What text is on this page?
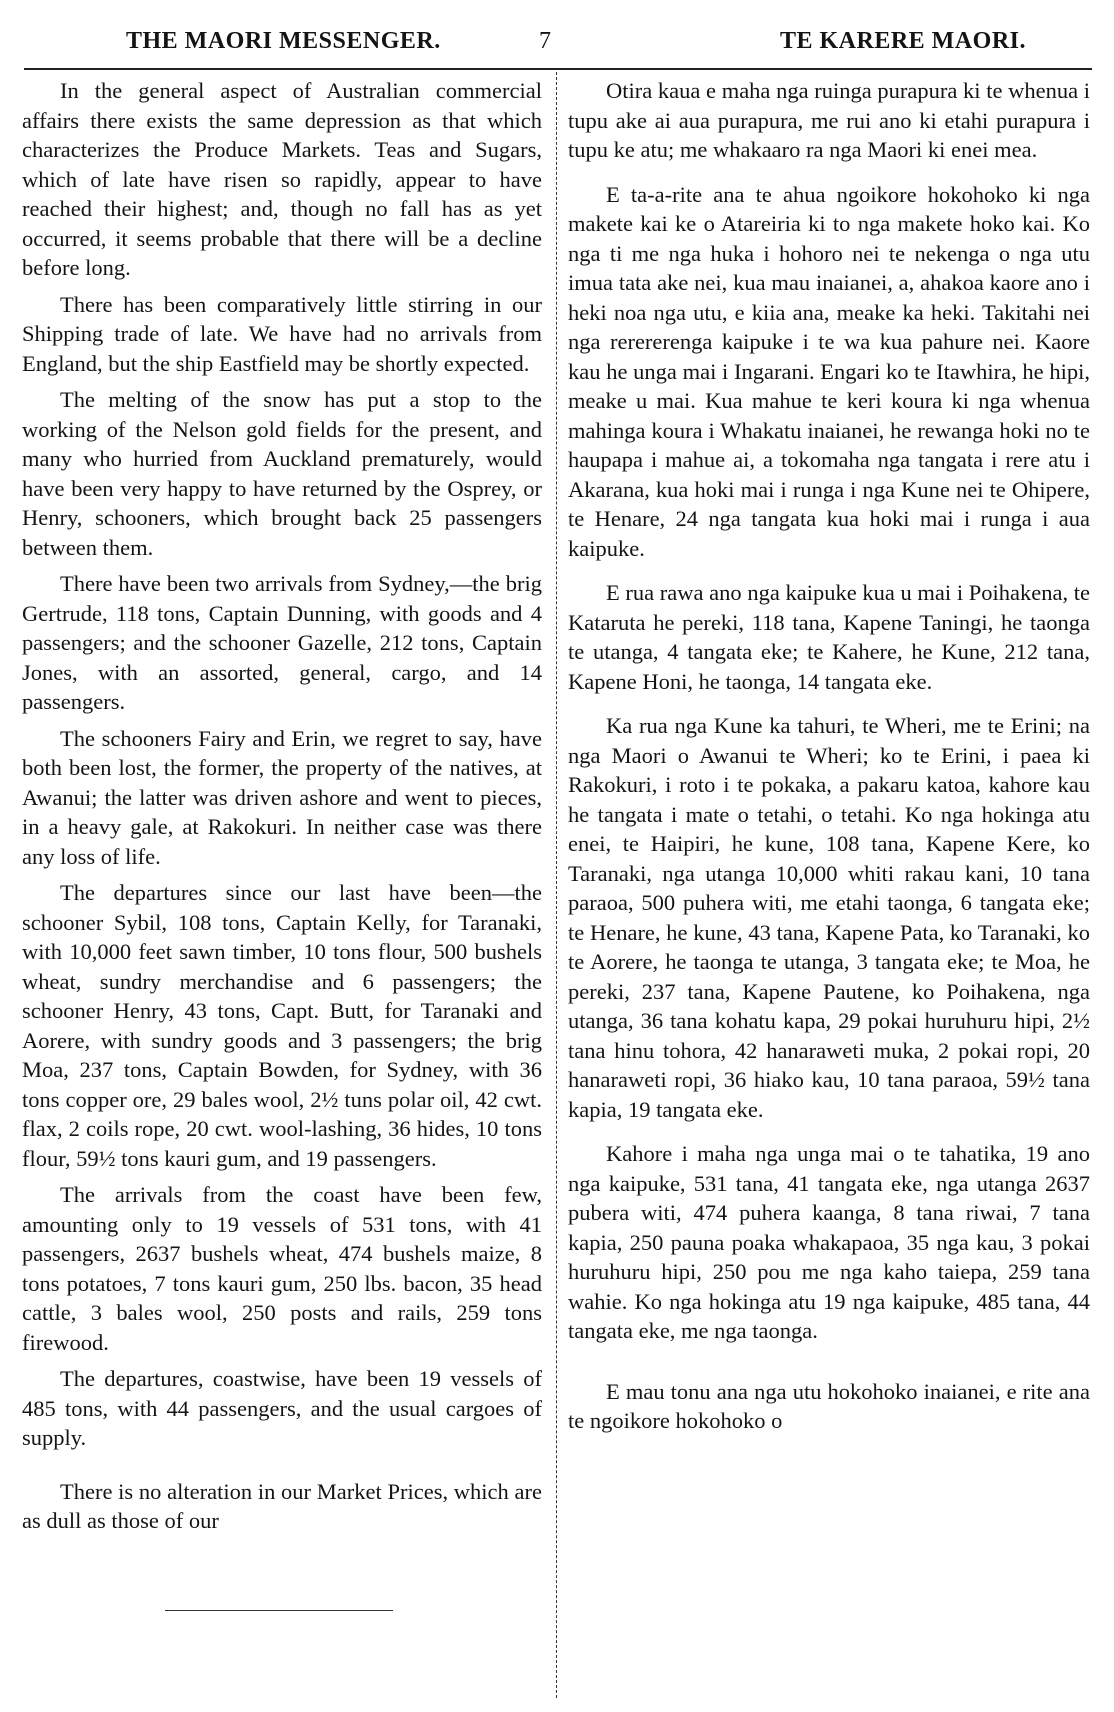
THE MAORI MESSENGER.	7	TE KARERE MAORI.

In the general aspect of Australian commercial affairs there exists the same depression as that which characterizes the Produce Markets. Teas and Sugars, which of late have risen so rapidly, appear to have reached their highest; and, though no fall has as yet occurred, it seems probable that there will be a decline before long.

There has been comparatively little stirring in our Shipping trade of late. We have had no arrivals from England, but the ship Eastfield may be shortly expected.

The melting of the snow has put a stop to the working of the Nelson gold fields for the present, and many who hurried from Auckland prematurely, would have been very happy to have returned by the Osprey, or Henry, schooners, which brought back 25 passengers between them.

There have been two arrivals from Sydney,—the brig Gertrude, 118 tons, Captain Dunning, with goods and 4 passengers; and the schooner Gazelle, 212 tons, Captain Jones, with an assorted, general, cargo, and 14 passengers.

The schooners Fairy and Erin, we regret to say, have both been lost, the former, the property of the natives, at Awanui; the latter was driven ashore and went to pieces, in a heavy gale, at Rakokuri. In neither case was there any loss of life.

The departures since our last have been—the schooner Sybil, 108 tons, Captain Kelly, for Taranaki, with 10,000 feet sawn timber, 10 tons flour, 500 bushels wheat, sundry merchandise and 6 passengers; the schooner Henry, 43 tons, Capt. Butt, for Taranaki and Aorere, with sundry goods and 3 passengers; the brig Moa, 237 tons, Captain Bowden, for Sydney, with 36 tons copper ore, 29 bales wool, 2½ tuns polar oil, 42 cwt. flax, 2 coils rope, 20 cwt. wool-lashing, 36 hides, 10 tons flour, 59½ tons kauri gum, and 19 passengers.

The arrivals from the coast have been few, amounting only to 19 vessels of 531 tons, with 41 passengers, 2637 bushels wheat, 474 bushels maize, 8 tons potatoes, 7 tons kauri gum, 250 lbs. bacon, 35 head cattle, 3 bales wool, 250 posts and rails, 259 tons firewood.

The departures, coastwise, have been 19 vessels of 485 tons, with 44 passengers, and the usual cargoes of supply.

There is no alteration in our Market Prices, which are as dull as those of our

Otira kaua e maha nga ruinga purapura ki te whenua i tupu ake ai aua purapura, me rui ano ki etahi purapura i tupu ke atu; me whakaaro ra nga Maori ki enei mea.

E ta-a-rite ana te ahua ngoikore hokohoko ki nga makete kai ke o Atareiria ki to nga makete hoko kai. Ko nga ti me nga huka i hohoro nei te nekenga o nga utu imua tata ake nei, kua mau inaianei, a, ahakoa kaore ano i heki noa nga utu, e kiia ana, meake ka heki. Takitahi nei nga rerererenga kaipuke i te wa kua pahure nei. Kaore kau he unga mai i Ingarani. Engari ko te Itawhira, he hipi, meake u mai. Kua mahue te keri koura ki nga whenua mahinga koura i Whakatu inaianei, he rewanga hoki no te haupapa i mahue ai, a tokomaha nga tangata i rere atu i Akarana, kua hoki mai i runga i nga Kune nei te Ohipere, te Henare, 24 nga tangata kua hoki mai i runga i aua kaipuke.

E rua rawa ano nga kaipuke kua u mai i Poihakena, te Kataruta he pereki, 118 tana, Kapene Taningi, he taonga te utanga, 4 tangata eke; te Kahere, he Kune, 212 tana, Kapene Honi, he taonga, 14 tangata eke.

Ka rua nga Kune ka tahuri, te Wheri, me te Erini; na nga Maori o Awanui te Wheri; ko te Erini, i paea ki Rakokuri, i roto i te pokaka, a pakaru katoa, kahore kau he tangata i mate o tetahi, o tetahi. Ko nga hokinga atu enei, te Haipiri, he kune, 108 tana, Kapene Kere, ko Taranaki, nga utanga 10,000 whiti rakau kani, 10 tana paraoa, 500 puhera witi, me etahi taonga, 6 tangata eke; te Henare, he kune, 43 tana, Kapene Pata, ko Taranaki, ko te Aorere, he taonga te utanga, 3 tangata eke; te Moa, he pereki, 237 tana, Kapene Pautene, ko Poihakena, nga utanga, 36 tana kohatu kapa, 29 pokai huruhuru hipi, 2½ tana hinu tohora, 42 hanaraweti muka, 2 pokai ropi, 20 hanaraweti ropi, 36 hiako kau, 10 tana paraoa, 59½ tana kapia, 19 tangata eke.

Kahore i maha nga unga mai o te tahatika, 19 ano nga kaipuke, 531 tana, 41 tangata eke, nga utanga 2637 pubera witi, 474 puhera kaanga, 8 tana riwai, 7 tana kapia, 250 pauna poaka whakapaoa, 35 nga kau, 3 pokai huruhuru hipi, 250 pou me nga kaho taiepa, 259 tana wahie. Ko nga hokinga atu 19 nga kaipuke, 485 tana, 44 tangata eke, me nga taonga.

E mau tonu ana nga utu hokohoko inaianei, e rite ana te ngoikore hokohoko o
